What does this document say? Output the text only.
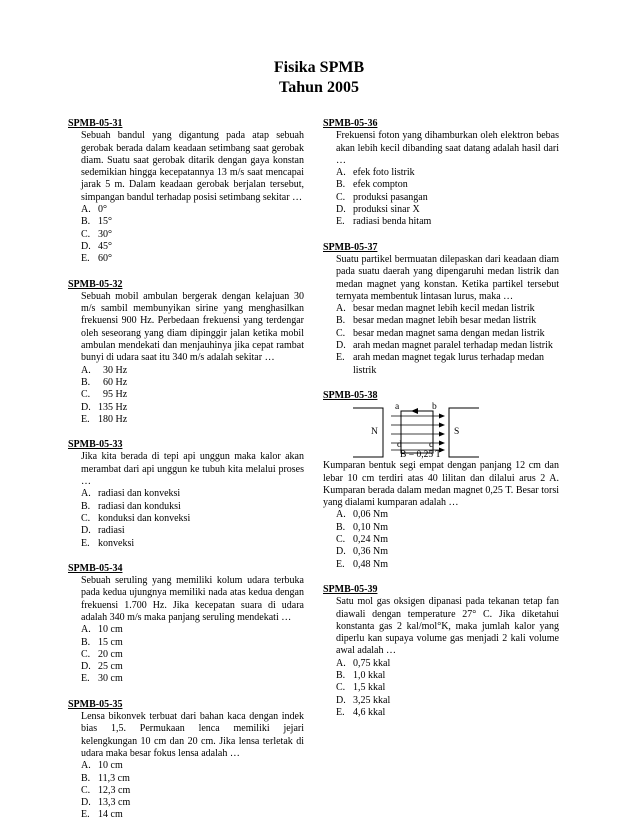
Fisika SPMB
Tahun 2005
SPMB-05-31
Sebuah bandul yang digantung pada atap sebuah gerobak berada dalam keadaan setimbang saat gerobak diam. Suatu saat gerobak ditarik dengan gaya konstan sedemikian hingga kecepatannya 13 m/s saat mencapai jarak 5 m. Dalam keadaan gerobak berjalan tersebut, simpangan bandul terhadap posisi setimbang sekitar …
A. 0°
B. 15°
C. 30°
D. 45°
E. 60°
SPMB-05-32
Sebuah mobil ambulan bergerak dengan kelajuan 30 m/s sambil membunyikan sirine yang menghasilkan frekuensi 900 Hz. Perbedaan frekuensi yang terdengar oleh seseorang yang diam dipinggir jalan ketika mobil ambulan mendekati dan menjauhinya jika cepat rambat bunyi di udara saat itu 340 m/s adalah sekitar …
A. 30 Hz
B. 60 Hz
C. 95 Hz
D. 135 Hz
E. 180 Hz
SPMB-05-33
Jika kita berada di tepi api unggun maka kalor akan merambat dari api unggun ke tubuh kita melalui proses …
A. radiasi dan konveksi
B. radiasi dan konduksi
C. konduksi dan konveksi
D. radiasi
E. konveksi
SPMB-05-34
Sebuah seruling yang memiliki kolum udara terbuka pada kedua ujungnya memiliki nada atas kedua dengan frekuensi 1.700 Hz. Jika kecepatan suara di udara adalah 340 m/s maka panjang seruling mendekati …
A. 10 cm
B. 15 cm
C. 20 cm
D. 25 cm
E. 30 cm
SPMB-05-35
Lensa bikonvek terbuat dari bahan kaca dengan indek bias 1,5. Permukaan lenca memiliki jejari kelengkungan 10 cm dan 20 cm. Jika lensa terletak di udara maka besar fokus lensa adalah …
A. 10 cm
B. 11,3 cm
C. 12,3 cm
D. 13,3 cm
E. 14 cm
SPMB-05-36
Frekuensi foton yang dihamburkan oleh elektron bebas akan lebih kecil dibanding saat datang adalah hasil dari …
A. efek foto listrik
B. efek compton
C. produksi pasangan
D. produksi sinar X
E. radiasi benda hitam
SPMB-05-37
Suatu partikel bermuatan dilepaskan dari keadaan diam pada suatu daerah yang dipengaruhi medan listrik dan medan magnet yang konstan. Ketika partikel tersebut ternyata membentuk lintasan lurus, maka …
A. besar medan magnet lebih kecil medan listrik
B. besar medan magnet lebih besar medan listrik
C. besar medan magnet sama dengan medan listrik
D. arah medan magnet paralel terhadap medan listrik
E. arah medan magnet tegak lurus terhadap medan listrik
SPMB-05-38
N	S
a	b
c
d
B = 0,25 T
Kumparan bentuk segi empat dengan panjang 12 cm dan lebar 10 cm terdiri atas 40 lilitan dan dilalui arus 2 A. Kumparan berada dalam medan magnet 0,25 T. Besar torsi yang dialami kumparan adalah …
A. 0,06 Nm
B. 0,10 Nm
C. 0,24 Nm
D. 0,36 Nm
E. 0,48 Nm
SPMB-05-39
Satu mol gas oksigen dipanasi pada tekanan tetap fan diawali dengan temperature 27° C. Jika diketahui konstanta gas 2 kal/mol°K, maka jumlah kalor yang diperlu kan supaya volume gas menjadi 2 kali volume awal adalah …
A. 0,75 kkal
B. 1,0 kkal
C. 1,5 kkal
D. 3,25 kkal
E. 4,6 kkal
